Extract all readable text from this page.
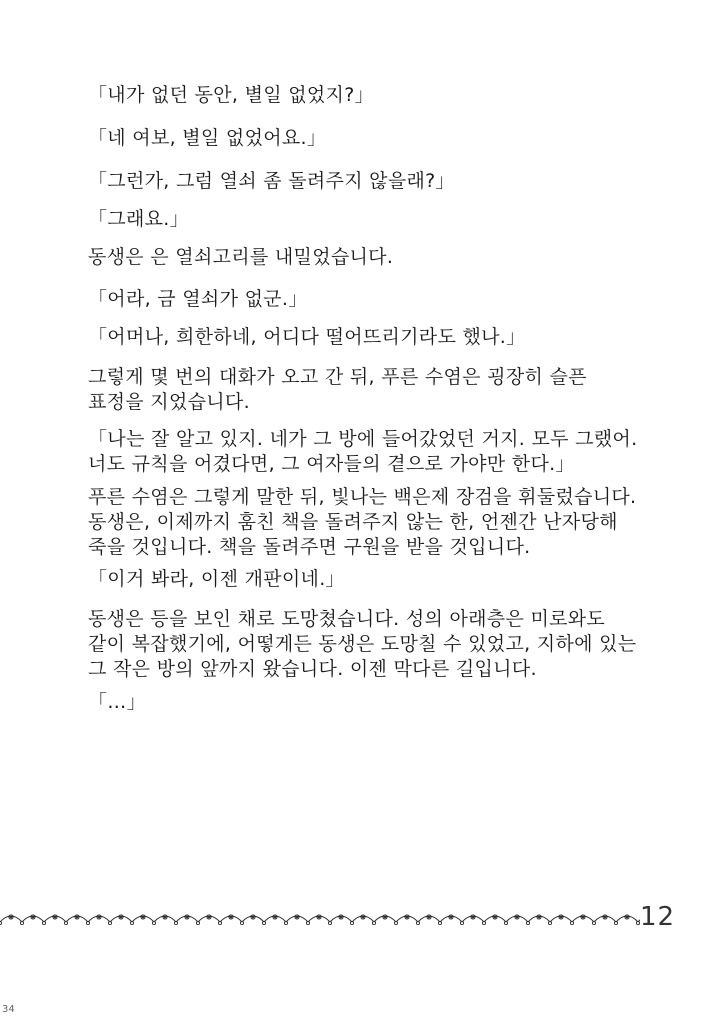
「내가 없던 동안, 별일 없었지?」
「네 여보, 별일 없었어요.」
「그런가, 그럼 열쇠 좀 돌려주지 않을래?」
「그래요.」
동생은 은 열쇠고리를 내밀었습니다.
「어라, 금 열쇠가 없군.」
「어머나, 희한하네, 어디다 떨어뜨리기라도 했나.」
그렇게 몇 번의 대화가 오고 간 뒤, 푸른 수염은 굉장히 슬픈
표정을 지었습니다.
「나는 잘 알고 있지. 네가 그 방에 들어갔었던 거지. 모두 그랬어.
너도 규칙을 어겼다면, 그 여자들의 곁으로 가야만 한다.」
푸른 수염은 그렇게 말한 뒤, 빛나는 백은제 장검을 휘둘렀습니다.
동생은, 이제까지 훔친 책을 돌려주지 않는 한, 언젠간 난자당해
죽을 것입니다. 책을 돌려주면 구원을 받을 것입니다.
「이거 봐라, 이젠 개판이네.」
동생은 등을 보인 채로 도망쳤습니다. 성의 아래층은 미로와도
같이 복잡했기에, 어떻게든 동생은 도망칠 수 있었고, 지하에 있는
그 작은 방의 앞까지 왔습니다. 이젠 막다른 길입니다.
「…」
12
34
